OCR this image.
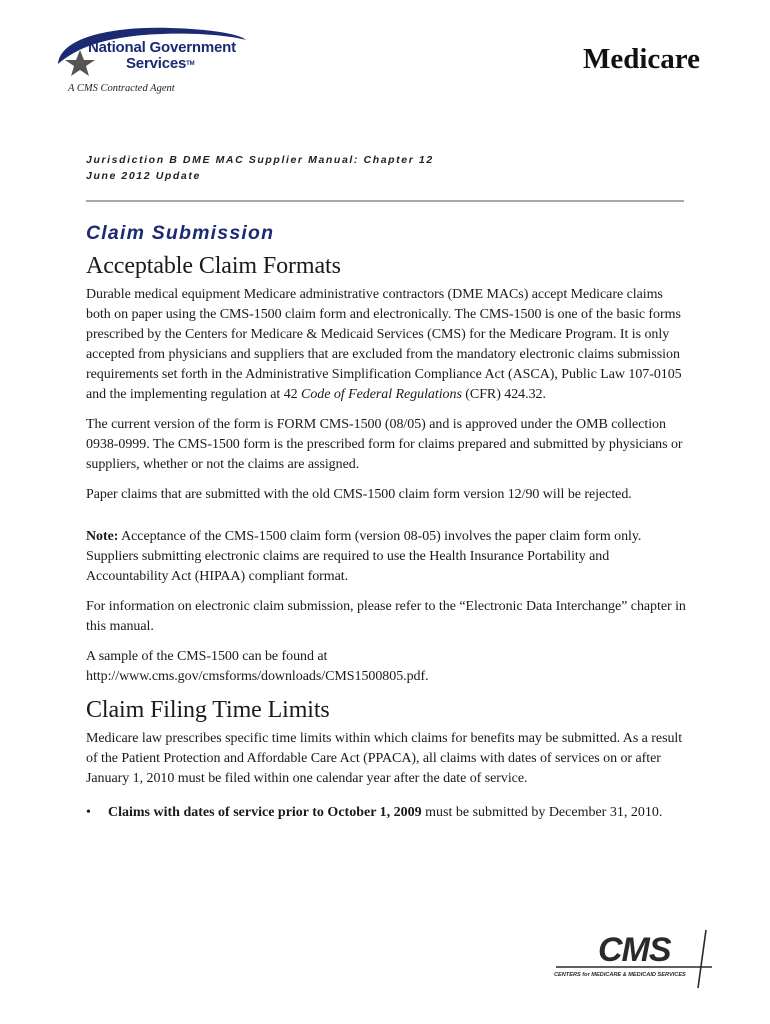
National Government
Services™
A CMS Contracted Agent
Medicare
Jurisdiction B DME MAC Supplier Manual: Chapter 12
June 2012 Update
Claim Submission
Acceptable Claim Formats

Durable medical equipment Medicare administrative contractors (DME MACs) accept Medicare claims both on paper using the CMS-1500 claim form and electronically. The CMS-1500 is one of the basic forms prescribed by the Centers for Medicare & Medicaid Services (CMS) for the Medicare Program. It is only accepted from physicians and suppliers that are excluded from the mandatory electronic claims submission requirements set forth in the Administrative Simplification Compliance Act (ASCA), Public Law 107-0105 and the implementing regulation at 42 Code of Federal Regulations (CFR) 424.32.

The current version of the form is FORM CMS-1500 (08/05) and is approved under the OMB collection 0938-0999. The CMS-1500 form is the prescribed form for claims prepared and submitted by physicians or suppliers, whether or not the claims are assigned.

Paper claims that are submitted with the old CMS-1500 claim form version 12/90 will be rejected.

Note: Acceptance of the CMS-1500 claim form (version 08-05) involves the paper claim form only. Suppliers submitting electronic claims are required to use the Health Insurance Portability and Accountability Act (HIPAA) compliant format.

For information on electronic claim submission, please refer to the “Electronic Data Interchange” chapter in this manual.

A sample of the CMS-1500 can be found at
http://www.cms.gov/cmsforms/downloads/CMS1500805.pdf.

Claim Filing Time Limits

Medicare law prescribes specific time limits within which claims for benefits may be submitted. As a result of the Patient Protection and Affordable Care Act (PPACA), all claims with dates of services on or after January 1, 2010 must be filed within one calendar year after the date of service.

• Claims with dates of service prior to October 1, 2009 must be submitted by December 31, 2010.
CMS
CENTERS for MEDICARE & MEDICAID SERVICES
